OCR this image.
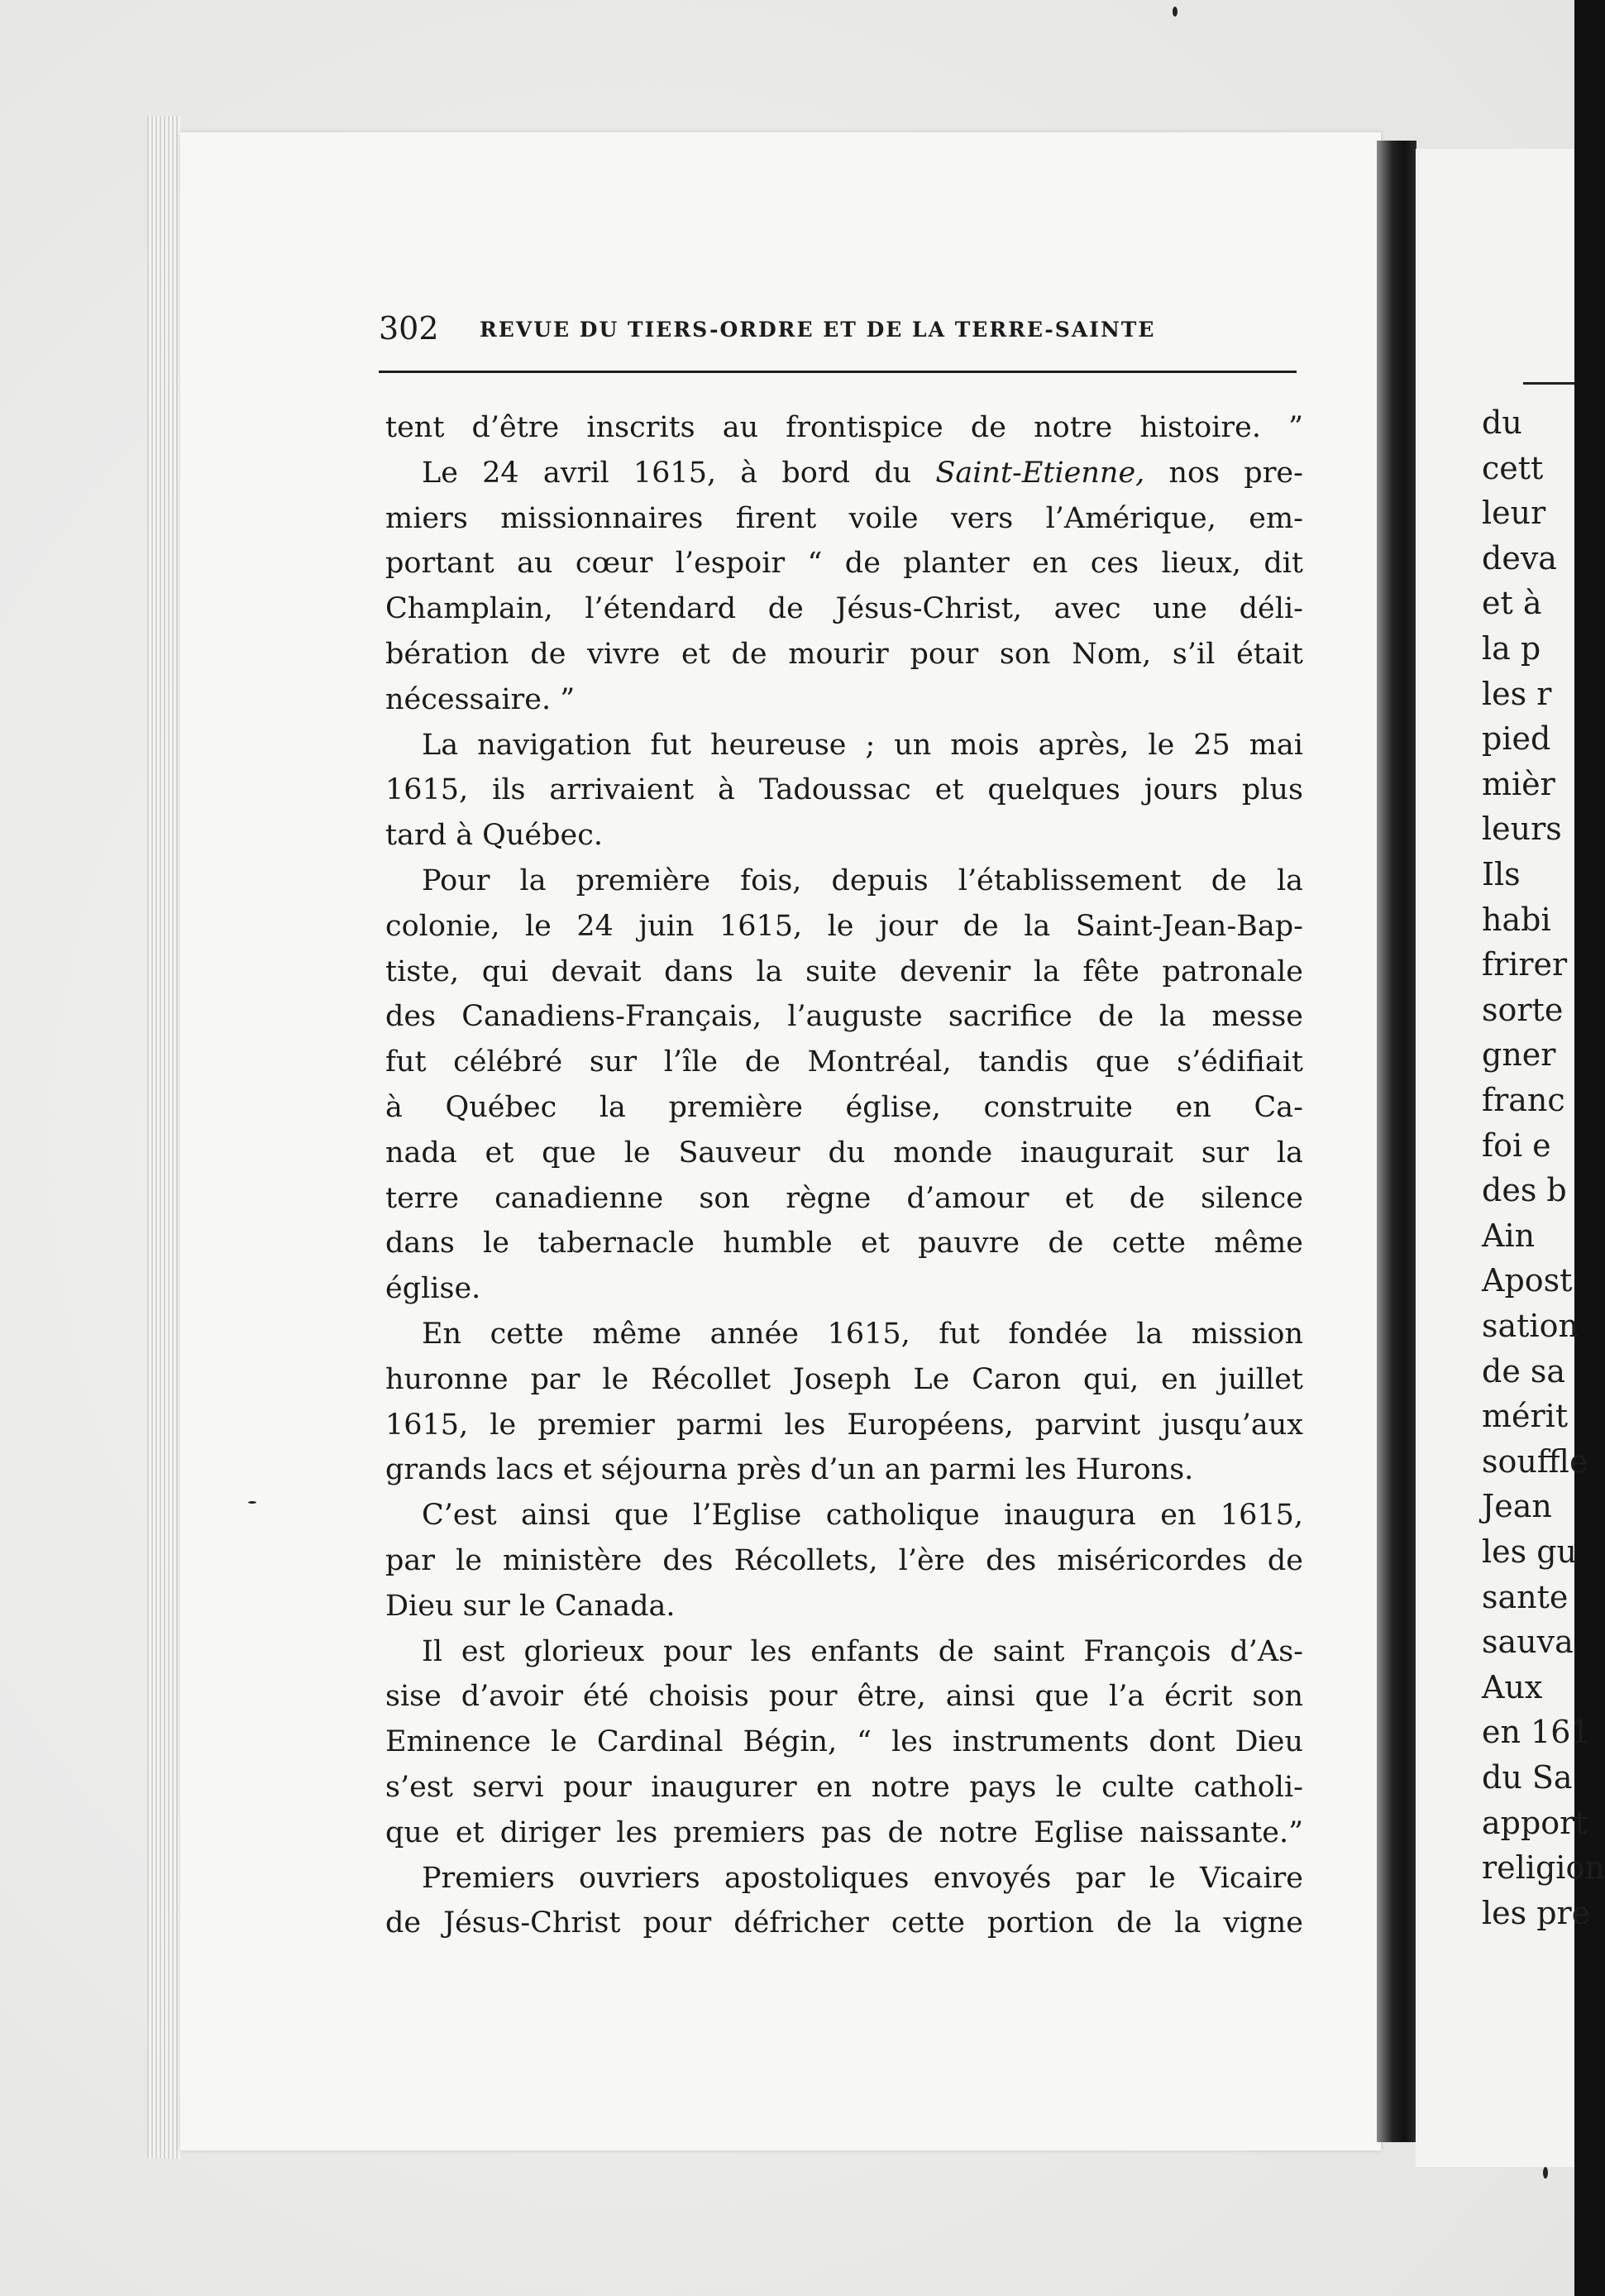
du
cett
leur
deva
et à
la p
les r
pied
mièr
leurs
Ils
habi
frirer
sorte
gner
franc
foi e
des b
Ain
Apost
sation
de sa
mérit
souffle
Jean
les gu
sante
sauva
Aux
en 161
du Sa
apport
religion
les pre
302 REVUE DU TIERS-ORDRE ET DE LA TERRE-SAINTE
tent d’être inscrits au frontispice de notre histoire. ”
Le 24 avril 1615, à bord du Saint-Etienne, nos pre-
miers missionnaires firent voile vers l’Amérique, em-
portant au cœur l’espoir “ de planter en ces lieux, dit
Champlain, l’étendard de Jésus-Christ, avec une déli-
bération de vivre et de mourir pour son Nom, s’il était
nécessaire. ”
La navigation fut heureuse ; un mois après, le 25 mai
1615, ils arrivaient à Tadoussac et quelques jours plus
tard à Québec.
Pour la première fois, depuis l’établissement de la
colonie, le 24 juin 1615, le jour de la Saint-Jean-Bap-
tiste, qui devait dans la suite devenir la fête patronale
des Canadiens-Français, l’auguste sacrifice de la messe
fut célébré sur l’île de Montréal, tandis que s’édifiait
à Québec la première église, construite en Ca-
nada et que le Sauveur du monde inaugurait sur la
terre canadienne son règne d’amour et de silence
dans le tabernacle humble et pauvre de cette même
église.
En cette même année 1615, fut fondée la mission
huronne par le Récollet Joseph Le Caron qui, en juillet
1615, le premier parmi les Européens, parvint jusqu’aux
grands lacs et séjourna près d’un an parmi les Hurons.
C’est ainsi que l’Eglise catholique inaugura en 1615,
par le ministère des Récollets, l’ère des miséricordes de
Dieu sur le Canada.
Il est glorieux pour les enfants de saint François d’As-
sise d’avoir été choisis pour être, ainsi que l’a écrit son
Eminence le Cardinal Bégin, “ les instruments dont Dieu
s’est servi pour inaugurer en notre pays le culte catholi-
que et diriger les premiers pas de notre Eglise naissante.”
Premiers ouvriers apostoliques envoyés par le Vicaire
de Jésus-Christ pour défricher cette portion de la vigne
